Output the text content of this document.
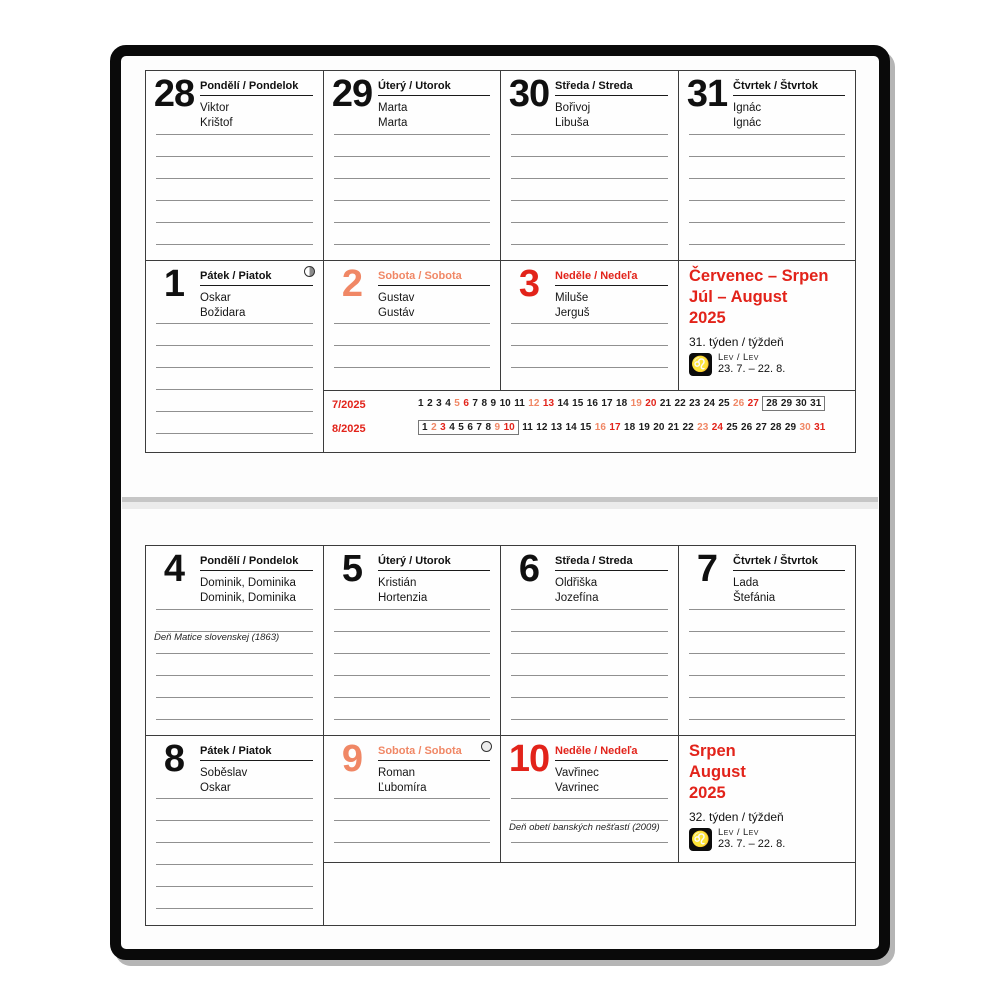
28 Pondělí / Pondelok
Viktor
Krištof
29 Úterý / Utorok
Marta
Marta
30 Středa / Streda
Bořivoj
Libuša
31 Čtvrtek / Štvrtok
Ignác
Ignác
1	Pátek / Piatok
Oskar
Božidara
2	Sobota / Sobota
Gustav
Gustáv
3	Neděle / Nedeľa
Miluše
Jerguš
Červenec – Srpen
Júl – August
2025
31. týden / týždeň
♌ Lev / Lev
23. 7. – 22. 8.
7/2025	1 2 3 4 5 6 7 8 9 10 11 12 13 14 15 16 17 18 19 20 21 22 23 24 25 26 27 28 29 30 31
8/2025	1 2 3 4 5 6 7 8 9 10 11 12 13 14 15 16 17 18 19 20 21 22 23 24 25 26 27 28 29 30 31
4	Pondělí / Pondelok
Dominik, Dominika
Dominik, Dominika
Deň Matice slovenskej (1863)
5	Úterý / Utorok
Kristián
Hortenzia
6	Středa / Streda
Oldřiška
Jozefína
7	Čtvrtek / Štvrtok
Lada
Štefánia
8	Pátek / Piatok
Soběslav
Oskar
9	Sobota / Sobota
Roman
Ľubomíra
10 Neděle / Nedeľa
Vavřinec
Vavrinec
Deň obetí banských nešťastí (2009)
Srpen
August
2025
32. týden / týždeň
♌ Lev / Lev
23. 7. – 22. 8.
